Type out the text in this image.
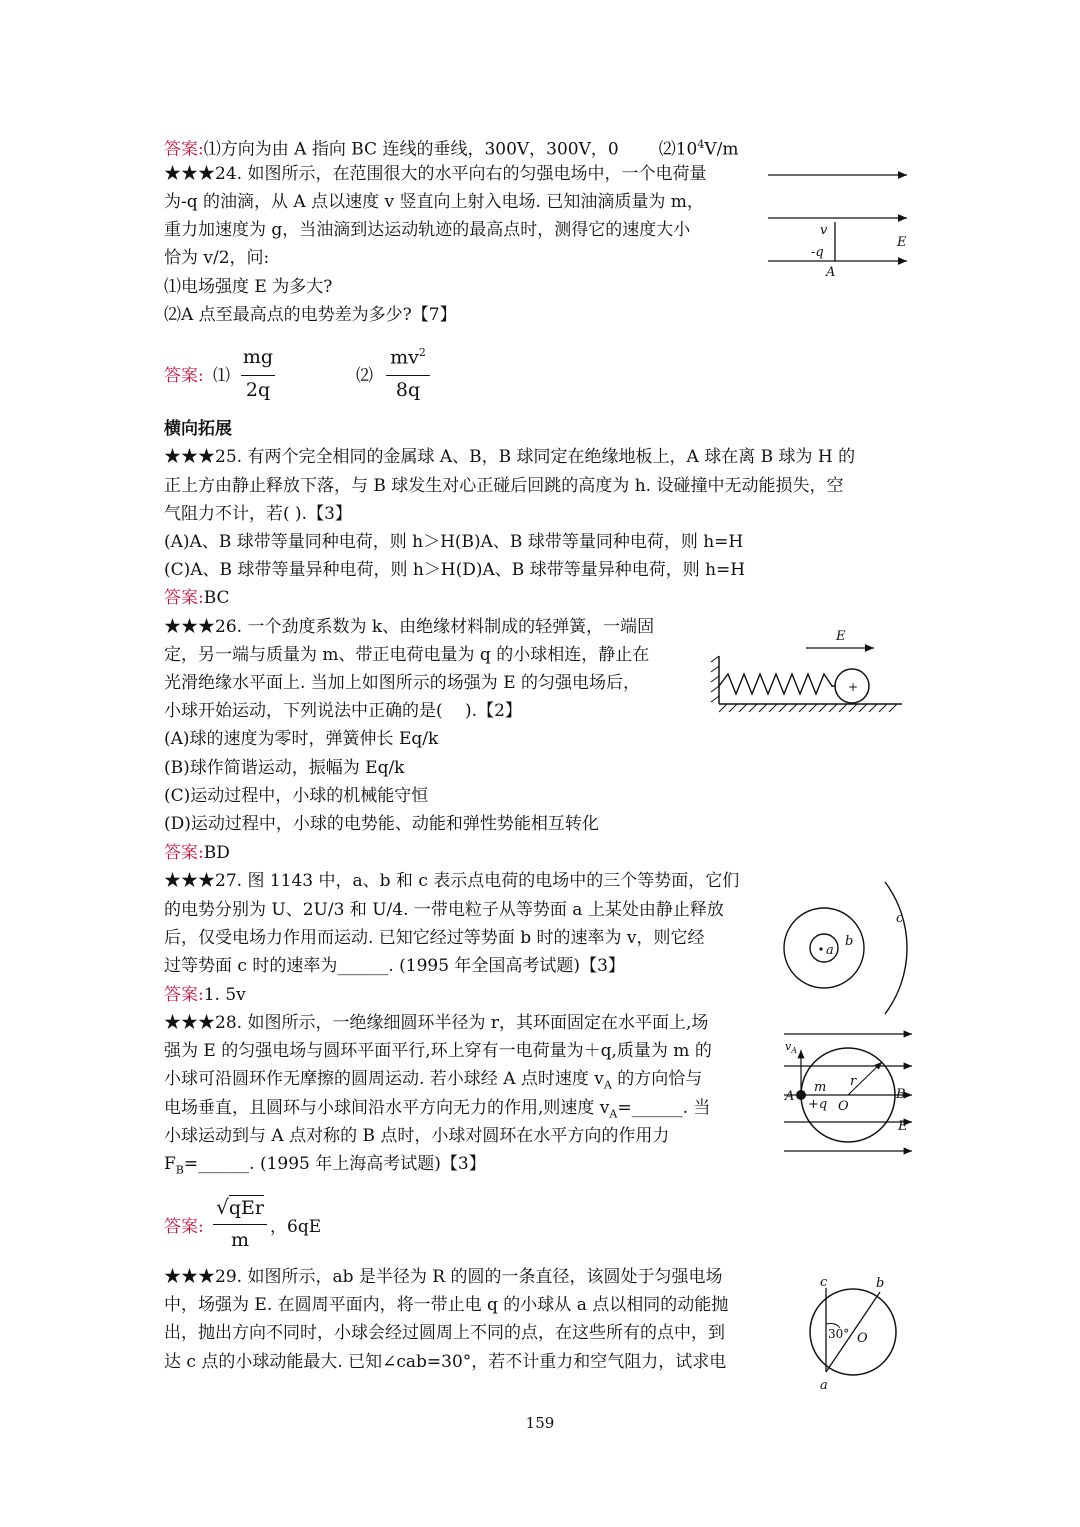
答案:⑴方向为由 A 指向 BC 连线的垂线，300V，300V，0 $⑵10^4V/m$
★★★24. 如图所示，在范围很大的水平向右的匀强电场中，一个电荷量
为-q 的油滴，从 A 点以速度 v 竖直向上射入电场. 已知油滴质量为 m，
重力加速度为 g，当油滴到达运动轨迹的最高点时，测得它的速度大小
恰为 v/2，问:
⑴电场强度 E 为多大?
⑵A 点至最高点的电势差为多少?【7】
v
-q
A
E
答案: ⑴
mg
2q
⑵
$mv^2$
8q
横向拓展
★★★25. 有两个完全相同的金属球 A、B，B 球同定在绝缘地板上，A 球在离 B 球为 H 的
正上方由静止释放下落，与 B 球发生对心正碰后回跳的高度为 h. 设碰撞中无动能损失，空
气阻力不计，若( ).【3】
(A)A、B 球带等量同种电荷，则 h＞H(B)A、B 球带等量同种电荷，则 h=H
(C)A、B 球带等量异种电荷，则 h＞H(D)A、B 球带等量异种电荷，则 h=H
答案:BC
★★★26. 一个劲度系数为 k、由绝缘材料制成的轻弹簧，一端固
定，另一端与质量为 m、带正电荷电量为 q 的小球相连，静止在
光滑绝缘水平面上. 当加上如图所示的场强为 E 的匀强电场后，
小球开始运动，下列说法中正确的是(　 ).【2】
(A)球的速度为零时，弹簧伸长 Eq/k
(B)球作简谐运动，振幅为 Eq/k
(C)运动过程中，小球的机械能守恒
(D)运动过程中，小球的电势能、动能和弹性势能相互转化
答案:BD
E
+
★★★27. 图 1143 中，a、b 和 c 表示点电荷的电场中的三个等势面，它们
的电势分别为 U、2U/3 和 U/4. 一带电粒子从等势面 a 上某处由静止释放
后，仅受电场力作用而运动. 已知它经过等势面 b 时的速率为 v，则它经
过等势面 c 时的速率为______. (1995 年全国高考试题)【3】
答案:1. 5v
a
b
c
★★★28. 如图所示，一绝缘细圆环半径为 r，其环面固定在水平面上,场
强为 E 的匀强电场与圆环平面平行,环上穿有一电荷量为＋q,质量为 m 的
小球可沿圆环作无摩擦的圆周运动. 若小球经 A 点时速度 $v_A$ 的方向恰与
电场垂直，且圆环与小球间沿水平方向无力的作用,则速度 $v_A=\_\_\_\_\_\_$. 当
小球运动到与 A 点对称的 B 点时，小球对圆环在水平方向的作用力
$F_B=\_\_\_\_\_\_$. (1995 年上海高考试题)【3】
$v_A$
A
m
+q O
r
B
E
答案:
√qEr
m
，6qE
★★★29. 如图所示，ab 是半径为 R 的圆的一条直径，该圆处于匀强电场
中，场强为 E. 在圆周平面内，将一带止电 q 的小球从 a 点以相同的动能抛
出，抛出方向不同时，小球会经过圆周上不同的点，在这些所有的点中，到
达 c 点的小球动能最大. 已知∠cab=30°，若不计重力和空气阻力，试求电
c	b
a
O
30°
159
